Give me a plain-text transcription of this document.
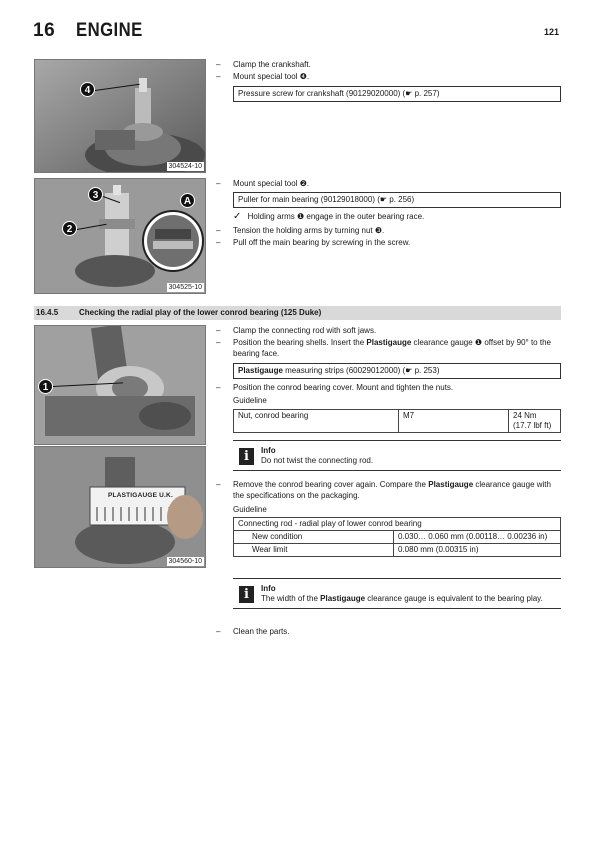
16 ENGINE	121
4
304524-10
3
2
A
304525-10
– Clamp the crankshaft.
– Mount special tool ❹.
Pressure screw for crankshaft (90129020000) (☛ p. 257)
– Mount special tool ❷.
Puller for main bearing (90129018000) (☛ p. 256)
✓ Holding arms ❶ engage in the outer bearing race.
– Tension the holding arms by turning nut ❸.
– Pull off the main bearing by screwing in the screw.
16.4.5	Checking the radial play of the lower conrod bearing (125 Duke)
1
PLASTIGAUGE U.K.
304560-10
– Clamp the connecting rod with soft jaws.
– Position the bearing shells. Insert the Plastigauge clearance gauge ❶ offset by 90° to the bearing face.
Plastigauge measuring strips (60029012000) (☛ p. 253)
– Position the conrod bearing cover. Mount and tighten the nuts.
Guideline
Nut, conrod bearing	M7	24 Nm
(17.7 lbf ft)
i	Info
Do not twist the connecting rod.
– Remove the conrod bearing cover again. Compare the Plastigauge clearance gauge with the specifications on the packaging.
Guideline
Connecting rod - radial play of lower conrod bearing	
New condition	0.030… 0.060 mm (0.00118… 0.00236 in)
Wear limit	0.080 mm (0.00315 in)
i	Info
The width of the Plastigauge clearance gauge is equivalent to the bearing play.
– Clean the parts.
